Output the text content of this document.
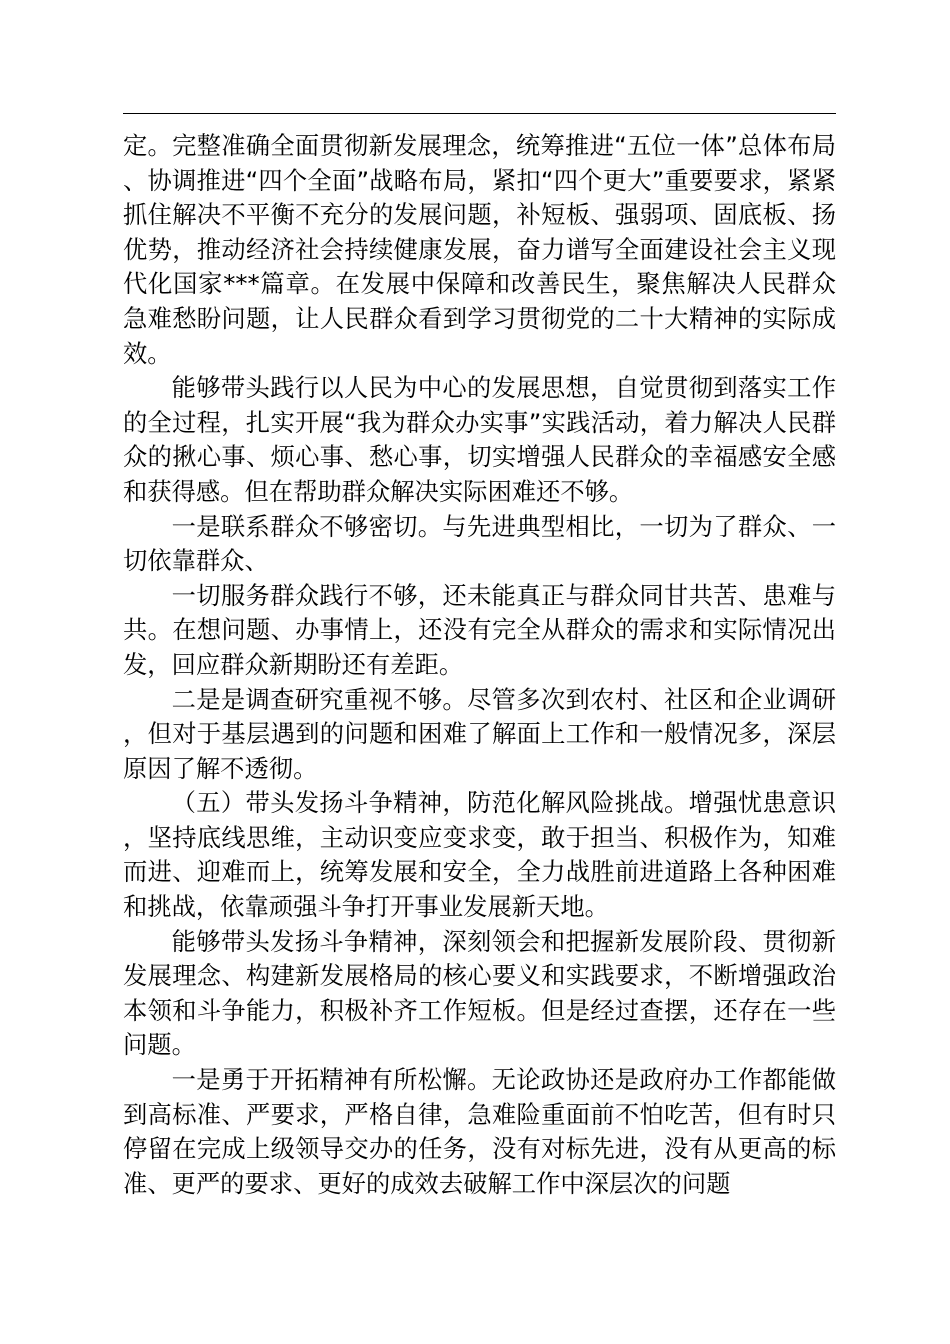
定。完整准确全面贯彻新发展理念，统筹推进“五位一体”总体布局、协调推进“四个全面”战略布局，紧扣“四个更大”重要要求，紧紧抓住解决不平衡不充分的发展问题，补短板、强弱项、固底板、扬优势，推动经济社会持续健康发展，奋力谱写全面建设社会主义现代化国家***篇章。在发展中保障和改善民生，聚焦解决人民群众急难愁盼问题，让人民群众看到学习贯彻党的二十大精神的实际成效。

能够带头践行以人民为中心的发展思想，自觉贯彻到落实工作的全过程，扎实开展“我为群众办实事”实践活动，着力解决人民群众的揪心事、烦心事、愁心事，切实增强人民群众的幸福感安全感和获得感。但在帮助群众解决实际困难还不够。

一是联系群众不够密切。与先进典型相比，一切为了群众、一切依靠群众、

一切服务群众践行不够，还未能真正与群众同甘共苦、患难与共。在想问题、办事情上，还没有完全从群众的需求和实际情况出发，回应群众新期盼还有差距。

二是是调查研究重视不够。尽管多次到农村、社区和企业调研，但对于基层遇到的问题和困难了解面上工作和一般情况多，深层原因了解不透彻。

（五）带头发扬斗争精神，防范化解风险挑战。增强忧患意识，坚持底线思维，主动识变应变求变，敢于担当、积极作为，知难而进、迎难而上，统筹发展和安全，全力战胜前进道路上各种困难和挑战，依靠顽强斗争打开事业发展新天地。

能够带头发扬斗争精神，深刻领会和把握新发展阶段、贯彻新发展理念、构建新发展格局的核心要义和实践要求，不断增强政治本领和斗争能力，积极补齐工作短板。但是经过查摆，还存在一些问题。

一是勇于开拓精神有所松懈。无论政协还是政府办工作都能做到高标准、严要求，严格自律，急难险重面前不怕吃苦，但有时只停留在完成上级领导交办的任务，没有对标先进，没有从更高的标准、更严的要求、更好的成效去破解工作中深层次的问题
